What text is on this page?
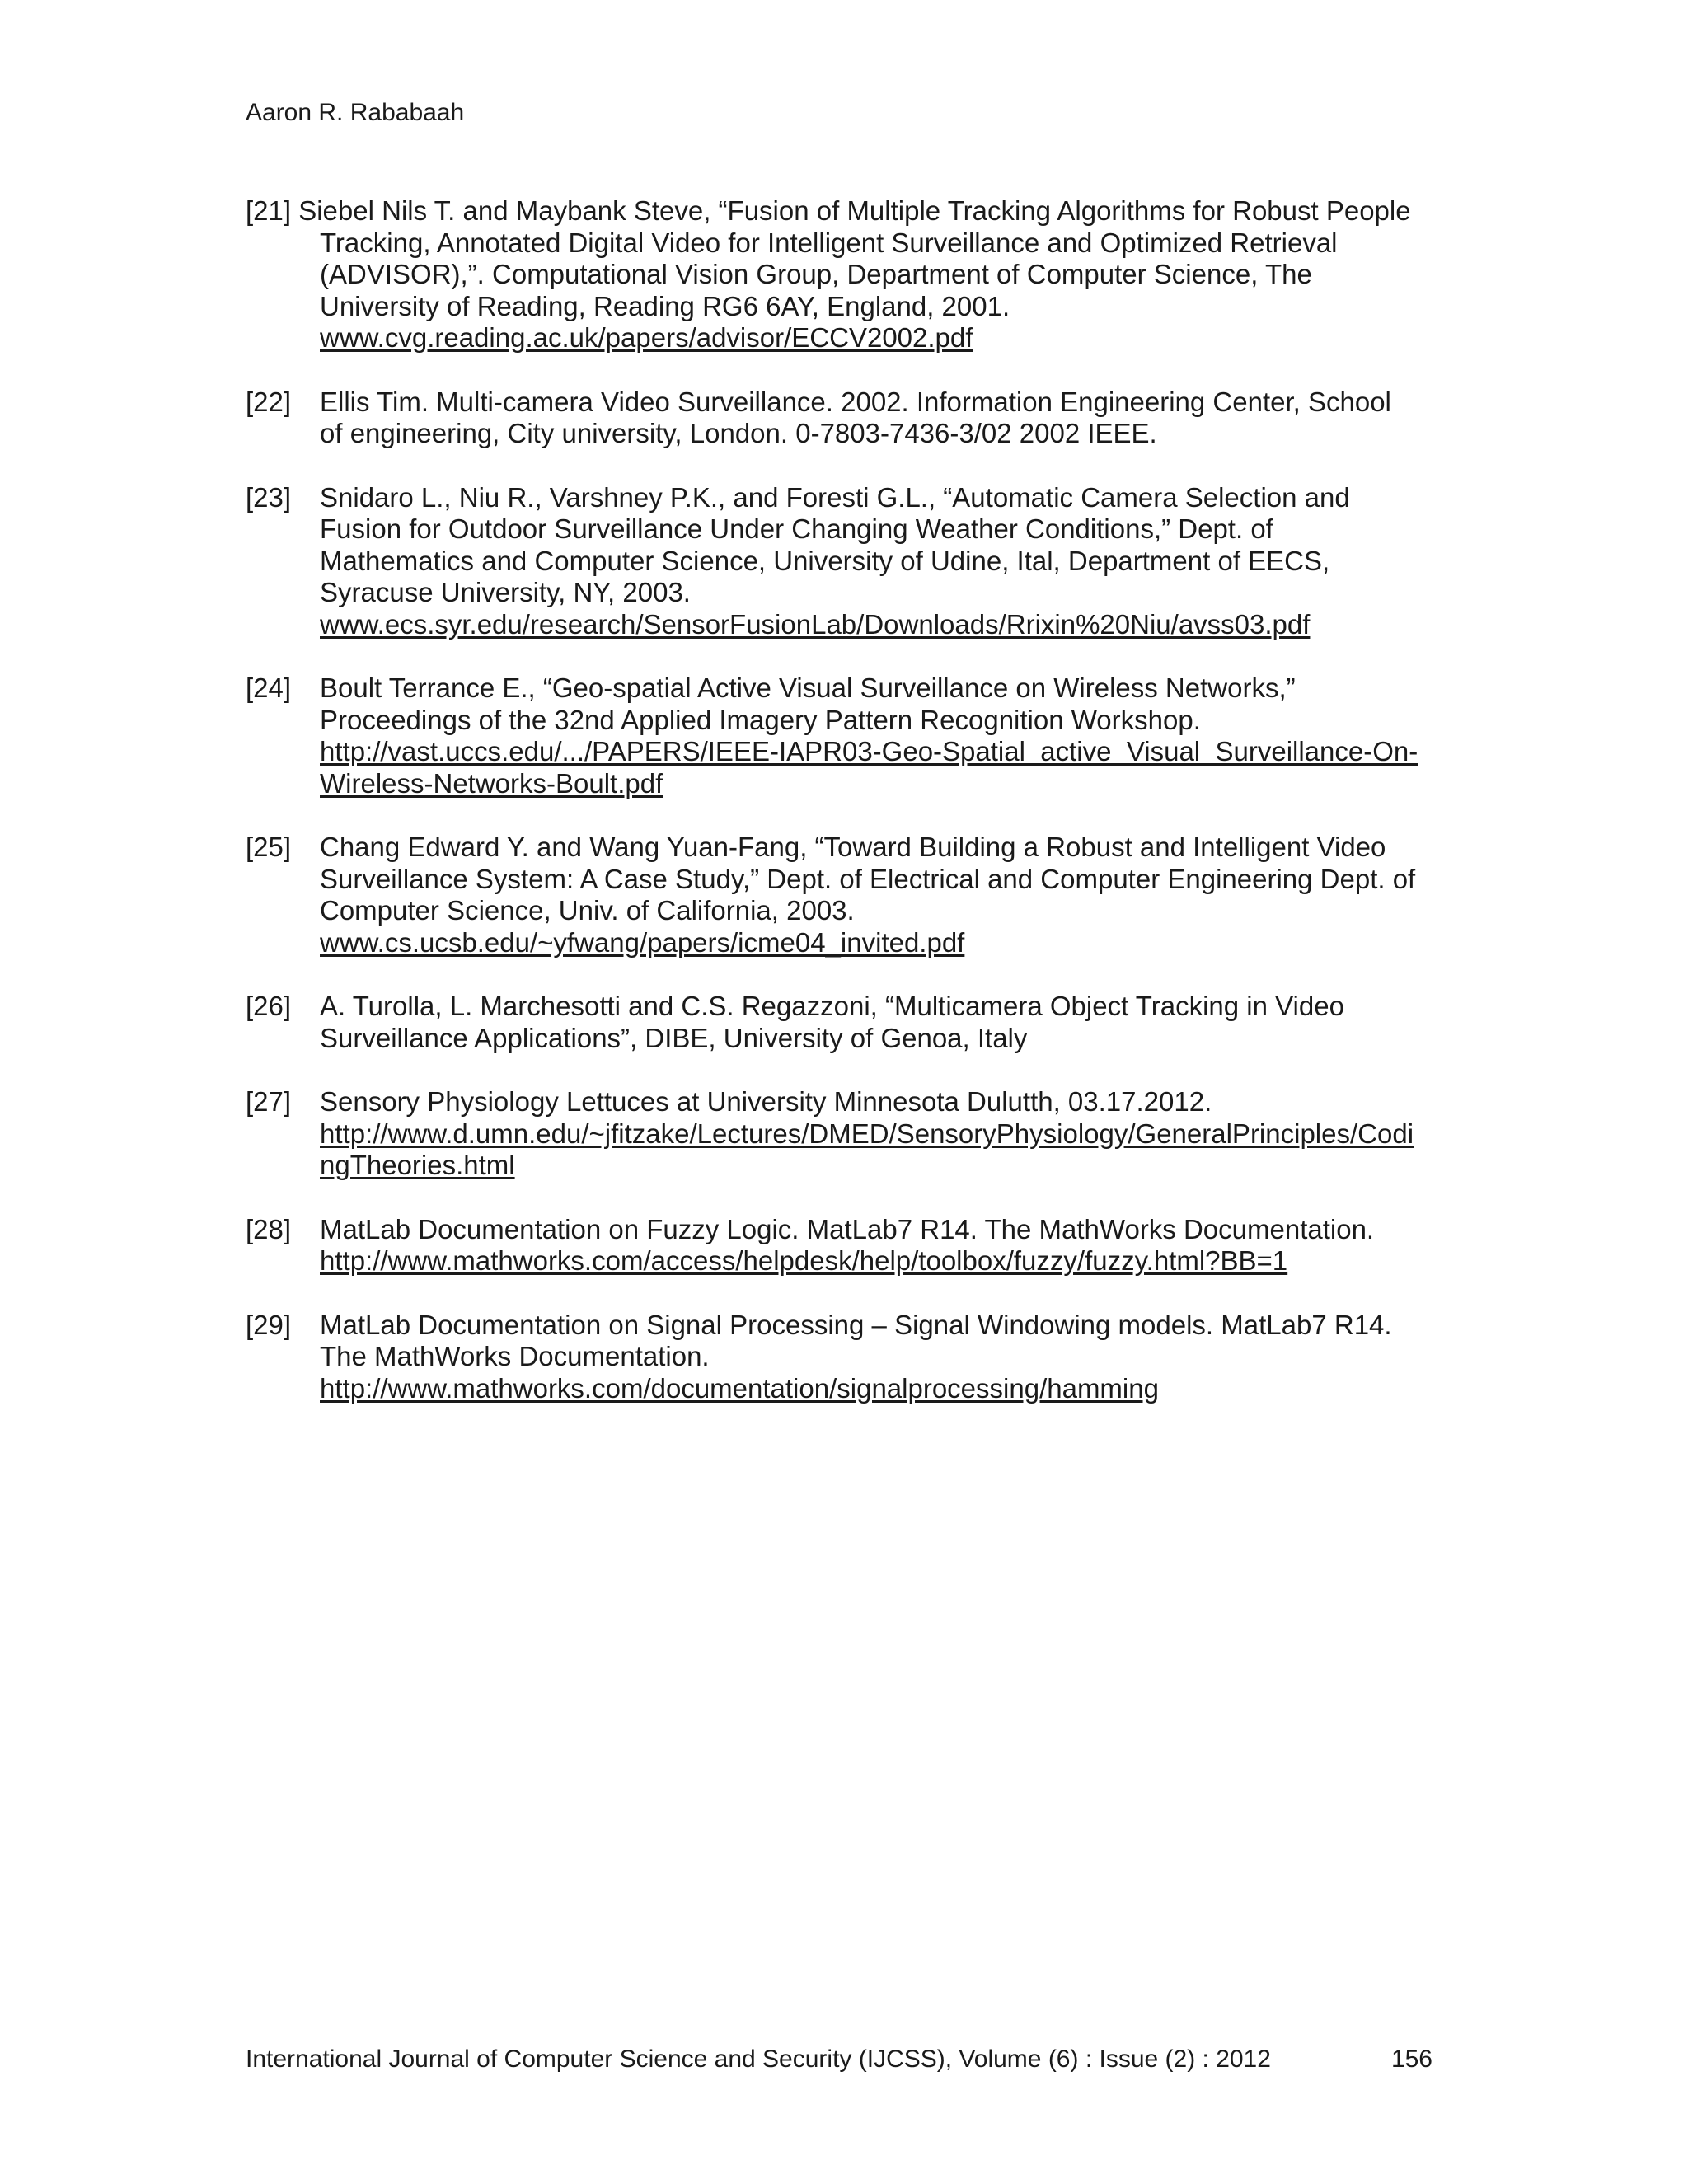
Aaron R. Rababaah
[21] Siebel Nils T. and Maybank Steve, “Fusion of Multiple Tracking Algorithms for Robust People
Tracking, Annotated Digital Video for Intelligent Surveillance and Optimized Retrieval
(ADVISOR),”. Computational Vision Group, Department of Computer Science, The
University of Reading, Reading RG6 6AY, England, 2001.
www.cvg.reading.ac.uk/papers/advisor/ECCV2002.pdf
[22]	Ellis Tim. Multi-camera Video Surveillance. 2002. Information Engineering Center, School
of engineering, City university, London. 0-7803-7436-3/02 2002 IEEE.
[23]	Snidaro L., Niu R., Varshney P.K., and Foresti G.L., “Automatic Camera Selection and
Fusion for Outdoor Surveillance Under Changing Weather Conditions,” Dept. of
Mathematics and Computer Science, University of Udine, Ital, Department of EECS,
Syracuse University, NY, 2003.
www.ecs.syr.edu/research/SensorFusionLab/Downloads/Rrixin%20Niu/avss03.pdf
[24]	Boult Terrance E., “Geo-spatial Active Visual Surveillance on Wireless Networks,”
Proceedings of the 32nd Applied Imagery Pattern Recognition Workshop.
http://vast.uccs.edu/.../PAPERS/IEEE-IAPR03-Geo-Spatial_active_Visual_Surveillance-On-
Wireless-Networks-Boult.pdf
[25]	Chang Edward Y. and Wang Yuan-Fang, “Toward Building a Robust and Intelligent Video
Surveillance System: A Case Study,” Dept. of Electrical and Computer Engineering Dept. of
Computer Science, Univ. of California, 2003.
www.cs.ucsb.edu/~yfwang/papers/icme04_invited.pdf
[26]	A. Turolla, L. Marchesotti and C.S. Regazzoni, “Multicamera Object Tracking in Video
Surveillance Applications”, DIBE, University of Genoa, Italy
[27]	Sensory Physiology Lettuces at University Minnesota Dulutth, 03.17.2012.
http://www.d.umn.edu/~jfitzake/Lectures/DMED/SensoryPhysiology/GeneralPrinciples/Codi
ngTheories.html
[28]	MatLab Documentation on Fuzzy Logic. MatLab7 R14. The MathWorks Documentation.
http://www.mathworks.com/access/helpdesk/help/toolbox/fuzzy/fuzzy.html?BB=1
[29]	MatLab Documentation on Signal Processing – Signal Windowing models. MatLab7 R14.
The MathWorks Documentation.
http://www.mathworks.com/documentation/signalprocessing/hamming
International Journal of Computer Science and Security (IJCSS), Volume (6) : Issue (2) : 2012	156
